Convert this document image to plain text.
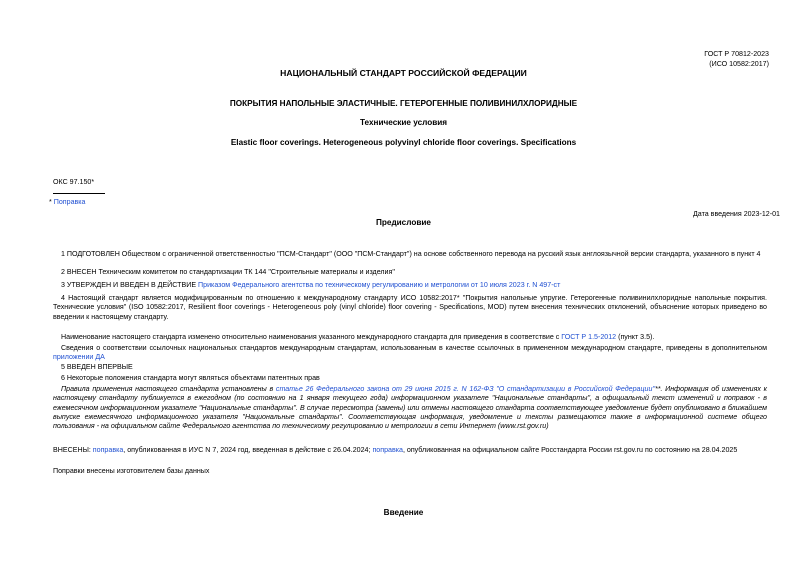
ГОСТ Р 70812-2023
(ИСО 10582:2017)
НАЦИОНАЛЬНЫЙ СТАНДАРТ РОССИЙСКОЙ ФЕДЕРАЦИИ
ПОКРЫТИЯ НАПОЛЬНЫЕ ЭЛАСТИЧНЫЕ. ГЕТЕРОГЕННЫЕ ПОЛИВИНИЛХЛОРИДНЫЕ
Технические условия
Elastic floor coverings. Heterogeneous polyvinyl chloride floor coverings. Specifications
ОКС 97.150*
* Поправка
Дата введения 2023-12-01
Предисловие
1 ПОДГОТОВЛЕН Обществом с ограниченной ответственностью "ПСМ-Стандарт" (ООО "ПСМ-Стандарт") на основе собственного перевода на русский язык англоязычной версии стандарта, указанного в пункт 4
2 ВНЕСЕН Техническим комитетом по стандартизации ТК 144 "Строительные материалы и изделия"
3 УТВЕРЖДЕН И ВВЕДЕН В ДЕЙСТВИЕ Приказом Федерального агентства по техническому регулированию и метрологии от 10 июля 2023 г. N 497-ст
4 Настоящий стандарт является модифицированным по отношению к международному стандарту ИСО 10582:2017* "Покрытия напольные упругие. Гетерогенные поливинилхлоридные напольные покрытия. Технические условия" (ISO 10582:2017, Resilient floor coverings - Heterogeneous poly (vinyl chloride) floor covering - Specifications, MOD) путем внесения технических отклонений, объяснение которых приведено во введении к настоящему стандарту.
Наименование настоящего стандарта изменено относительно наименования указанного международного стандарта для приведения в соответствие с ГОСТ Р 1.5-2012 (пункт 3.5).
Сведения о соответствии ссылочных национальных стандартов международным стандартам, использованным в качестве ссылочных в примененном международном стандарте, приведены в дополнительном приложении ДА
5 ВВЕДЕН ВПЕРВЫЕ
6 Некоторые положения стандарта могут являться объектами патентных прав
Правила применения настоящего стандарта установлены в статье 26 Федерального закона от 29 июня 2015 г. N 162-ФЗ "О стандартизации в Российской Федерации"**. Информация об изменениях к настоящему стандарту публикуется в ежегодном (по состоянию на 1 января текущего года) информационном указателе "Национальные стандарты", а официальный текст изменений и поправок - в ежемесячном информационном указателе "Национальные стандарты". В случае пересмотра (замены) или отмены настоящего стандарта соответствующее уведомление будет опубликовано в ближайшем выпуске ежемесячного информационного указателя "Национальные стандарты". Соответствующая информация, уведомление и тексты размещаются также в информационной системе общего пользования - на официальном сайте Федерального агентства по техническому регулированию и метрологии в сети Интернет (www.rst.gov.ru)
ВНЕСЕНЫ: поправка, опубликованная в ИУС N 7, 2024 год, введенная в действие с 26.04.2024; поправка, опубликованная на официальном сайте Росстандарта России rst.gov.ru по состоянию на 28.04.2025
Поправки внесены изготовителем базы данных
Введение
